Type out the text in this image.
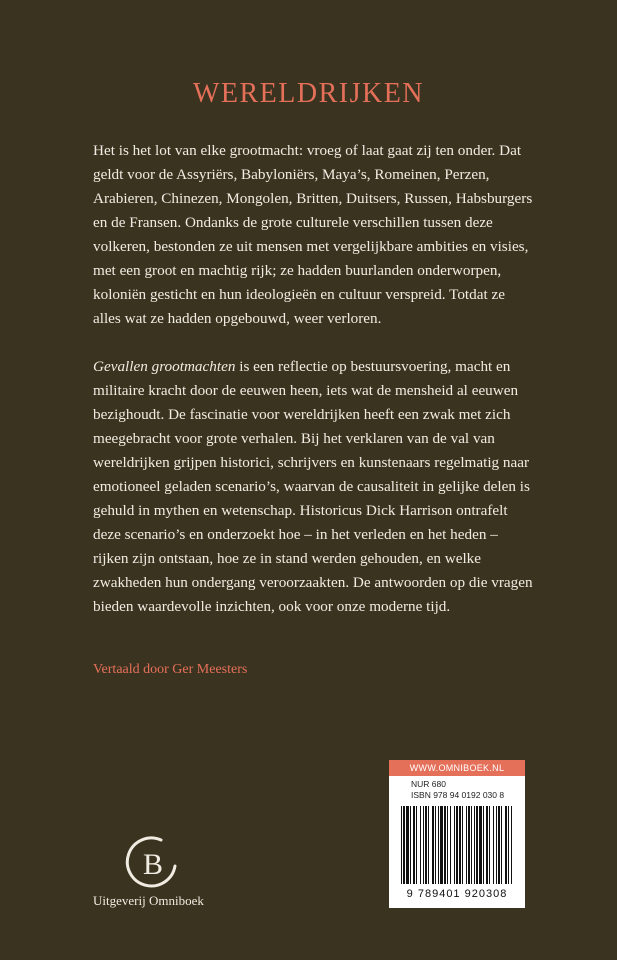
WERELDRIJKEN

Het is het lot van elke grootmacht: vroeg of laat gaat zij ten onder. Dat geldt voor de Assyriërs, Babyloniërs, Maya’s, Romeinen, Perzen, Arabieren, Chinezen, Mongolen, Britten, Duitsers, Russen, Habsburgers en de Fransen. Ondanks de grote culturele verschillen tussen deze volkeren, bestonden ze uit mensen met vergelijkbare ambities en visies, met een groot en machtig rijk; ze hadden buurlanden onderworpen, koloniën gesticht en hun ideologieën en cultuur verspreid. Totdat ze alles wat ze hadden opgebouwd, weer verloren.

Gevallen grootmachten is een reflectie op bestuursvoering, macht en militaire kracht door de eeuwen heen, iets wat de mensheid al eeuwen bezighoudt. De fascinatie voor wereldrijken heeft een zwak met zich meegebracht voor grote verhalen. Bij het verklaren van de val van wereldrijken grijpen historici, schrijvers en kunstenaars regelmatig naar emotioneel geladen scenario’s, waarvan de causaliteit in gelijke delen is gehuld in mythen en wetenschap. Historicus Dick Harrison ontrafelt deze scenario’s en onderzoekt hoe – in het verleden en het heden – rijken zijn ontstaan, hoe ze in stand werden gehouden, en welke zwakheden hun ondergang veroorzaakten. De antwoorden op die vragen bieden waardevolle inzichten, ook voor onze moderne tijd.

Vertaald door Ger Meesters
B
Uitgeverij Omniboek
WWW.OMNIBOEK.NL
NUR 680
ISBN 978 94 0192 030 8
9 789401 920308
